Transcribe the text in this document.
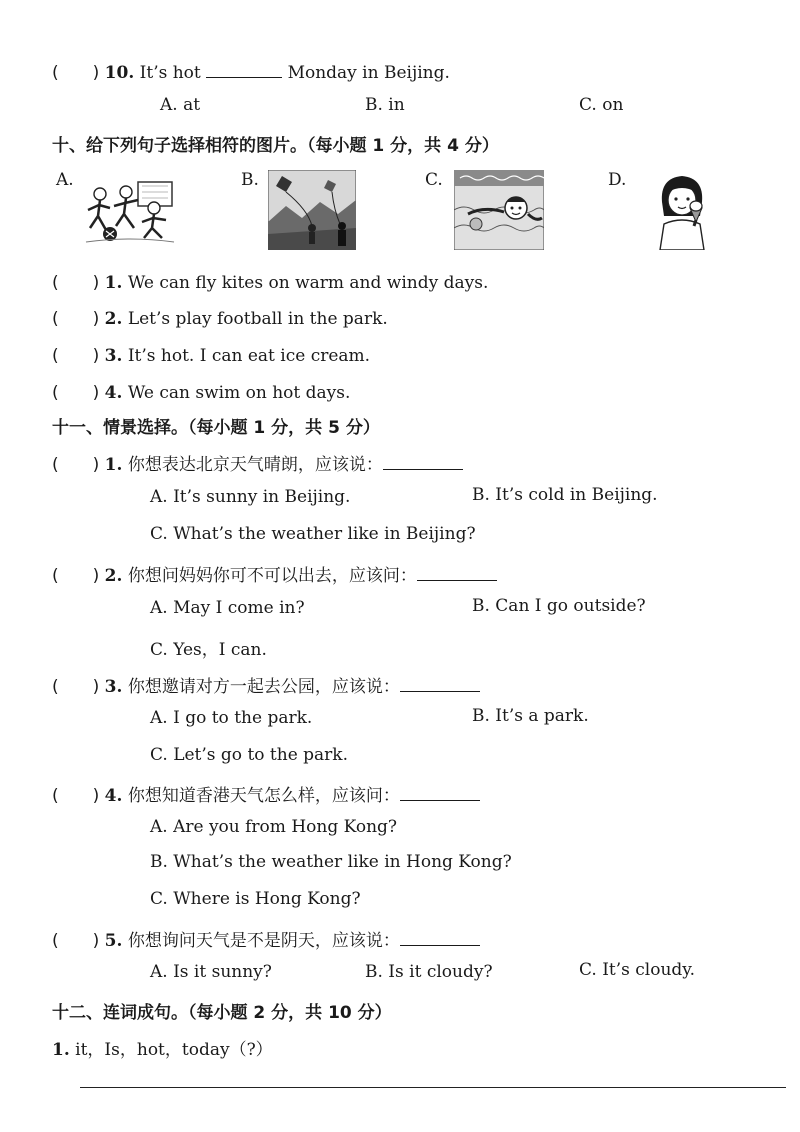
(　　) 10. It’s hot	Monday in Beijing.
A. at	B. in	C. on
十、给下列句子选择相符的图片。（每小题 1 分，共 4 分）
A.	B.	C.	D.
(　　) 1. We can fly kites on warm and windy days.
(　　) 2. Let’s play football in the park.
(　　) 3. It’s hot. I can eat ice cream.
(　　) 4. We can swim on hot days.
十一、情景选择。（每小题 1 分，共 5 分）
(　　) 1. 你想表达北京天气晴朗，应该说：
A. It’s sunny in Beijing.	B. It’s cold in Beijing.
C. What’s the weather like in Beijing?
(　　) 2. 你想问妈妈你可不可以出去，应该问：
A. May I come in?	B. Can I go outside?
C. Yes，I can.
(　　) 3. 你想邀请对方一起去公园，应该说：
A. I go to the park.	B. It’s a park.
C. Let’s go to the park.
(　　) 4. 你想知道香港天气怎么样，应该问：
A. Are you from Hong Kong?
B. What’s the weather like in Hong Kong?
C. Where is Hong Kong?
(　　) 5. 你想询问天气是不是阴天，应该说：
A. Is it sunny?	B. Is it cloudy?	C. It’s cloudy.
十二、连词成句。（每小题 2 分，共 10 分）
1. it，Is，hot，today（?）
